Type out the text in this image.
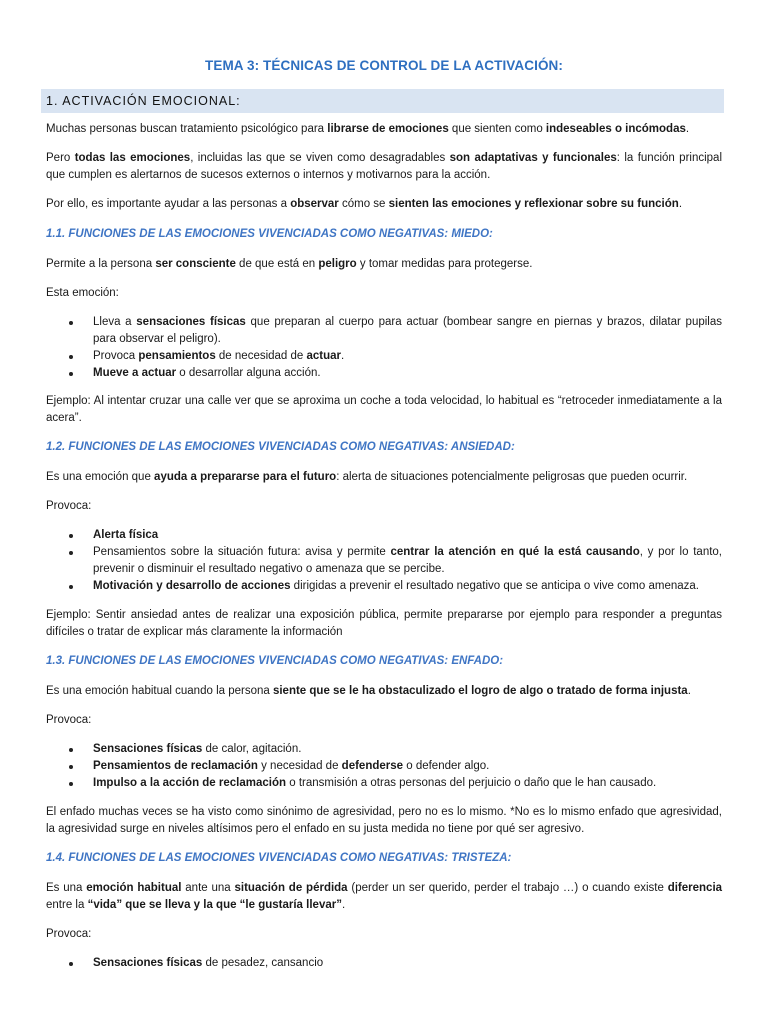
TEMA 3: TÉCNICAS DE CONTROL DE LA ACTIVACIÓN:
1. ACTIVACIÓN EMOCIONAL:

Muchas personas buscan tratamiento psicológico para librarse de emociones que sienten como indeseables o incómodas.

Pero todas las emociones, incluidas las que se viven como desagradables son adaptativas y funcionales: la función principal que cumplen es alertarnos de sucesos externos o internos y motivarnos para la acción.

Por ello, es importante ayudar a las personas a observar cómo se sienten las emociones y reflexionar sobre su función.

1.1. FUNCIONES DE LAS EMOCIONES VIVENCIADAS COMO NEGATIVAS: MIEDO:

Permite a la persona ser consciente de que está en peligro y tomar medidas para protegerse.

Esta emoción:

Lleva a sensaciones físicas que preparan al cuerpo para actuar (bombear sangre en piernas y brazos, dilatar pupilas para observar el peligro).
Provoca pensamientos de necesidad de actuar.
Mueve a actuar o desarrollar alguna acción.

Ejemplo: Al intentar cruzar una calle ver que se aproxima un coche a toda velocidad, lo habitual es “retroceder inmediatamente a la acera”.

1.2. FUNCIONES DE LAS EMOCIONES VIVENCIADAS COMO NEGATIVAS: ANSIEDAD:

Es una emoción que ayuda a prepararse para el futuro: alerta de situaciones potencialmente peligrosas que pueden ocurrir.

Provoca:

Alerta física
Pensamientos sobre la situación futura: avisa y permite centrar la atención en qué la está causando, y por lo tanto, prevenir o disminuir el resultado negativo o amenaza que se percibe.
Motivación y desarrollo de acciones dirigidas a prevenir el resultado negativo que se anticipa o vive como amenaza.

Ejemplo: Sentir ansiedad antes de realizar una exposición pública, permite prepararse por ejemplo para responder a preguntas difíciles o tratar de explicar más claramente la información

1.3. FUNCIONES DE LAS EMOCIONES VIVENCIADAS COMO NEGATIVAS: ENFADO:

Es una emoción habitual cuando la persona siente que se le ha obstaculizado el logro de algo o tratado de forma injusta.

Provoca:

Sensaciones físicas de calor, agitación.
Pensamientos de reclamación y necesidad de defenderse o defender algo.
Impulso a la acción de reclamación o transmisión a otras personas del perjuicio o daño que le han causado.

El enfado muchas veces se ha visto como sinónimo de agresividad, pero no es lo mismo. *No es lo mismo enfado que agresividad, la agresividad surge en niveles altísimos pero el enfado en su justa medida no tiene por qué ser agresivo.

1.4. FUNCIONES DE LAS EMOCIONES VIVENCIADAS COMO NEGATIVAS: TRISTEZA:

Es una emoción habitual ante una situación de pérdida (perder un ser querido, perder el trabajo …) o cuando existe diferencia entre la “vida” que se lleva y la que “le gustaría llevar”.

Provoca:

Sensaciones físicas de pesadez, cansancio
